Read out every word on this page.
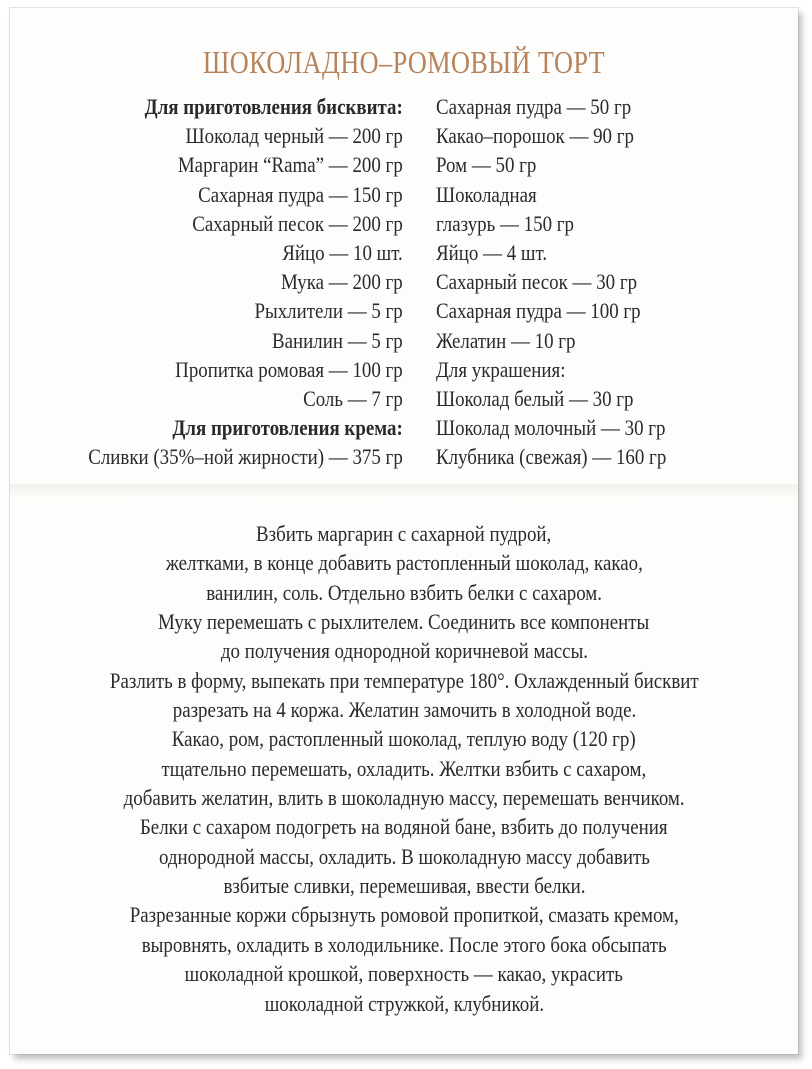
ШОКОЛАДНО–РОМОВЫЙ ТОРТ
Для приготовления бисквита:
Шоколад черный — 200 гр
Маргарин “Rama” — 200 гр
Сахарная пудра — 150 гр
Сахарный песок — 200 гр
Яйцо — 10 шт.
Мука — 200 гр
Рыхлители — 5 гр
Ванилин — 5 гр
Пропитка ромовая — 100 гр
Соль — 7 гр
Для приготовления крема:
Сливки (35%–ной жирности) — 375 гр
Сахарная пудра — 50 гр
Какао–порошок — 90 гр
Ром — 50 гр
Шоколадная
глазурь — 150 гр
Яйцо — 4 шт.
Сахарный песок — 30 гр
Сахарная пудра — 100 гр
Желатин — 10 гр
Для украшения:
Шоколад белый — 30 гр
Шоколад молочный — 30 гр
Клубника (свежая) — 160 гр
Взбить маргарин с сахарной пудрой,
желтками, в конце добавить растопленный шоколад, какао,
ванилин, соль. Отдельно взбить белки с сахаром.
Муку перемешать с рыхлителем. Соединить все компоненты
до получения однородной коричневой массы.
Разлить в форму, выпекать при температуре 180°. Охлажденный бисквит
разрезать на 4 коржа. Желатин замочить в холодной воде.
Какао, ром, растопленный шоколад, теплую воду (120 гр)
тщательно перемешать, охладить. Желтки взбить с сахаром,
добавить желатин, влить в шоколадную массу, перемешать венчиком.
Белки с сахаром подогреть на водяной бане, взбить до получения
однородной массы, охладить. В шоколадную массу добавить
взбитые сливки, перемешивая, ввести белки.
Разрезанные коржи сбрызнуть ромовой пропиткой, смазать кремом,
выровнять, охладить в холодильнике. После этого бока обсыпать
шоколадной крошкой, поверхность — какао, украсить
шоколадной стружкой, клубникой.
